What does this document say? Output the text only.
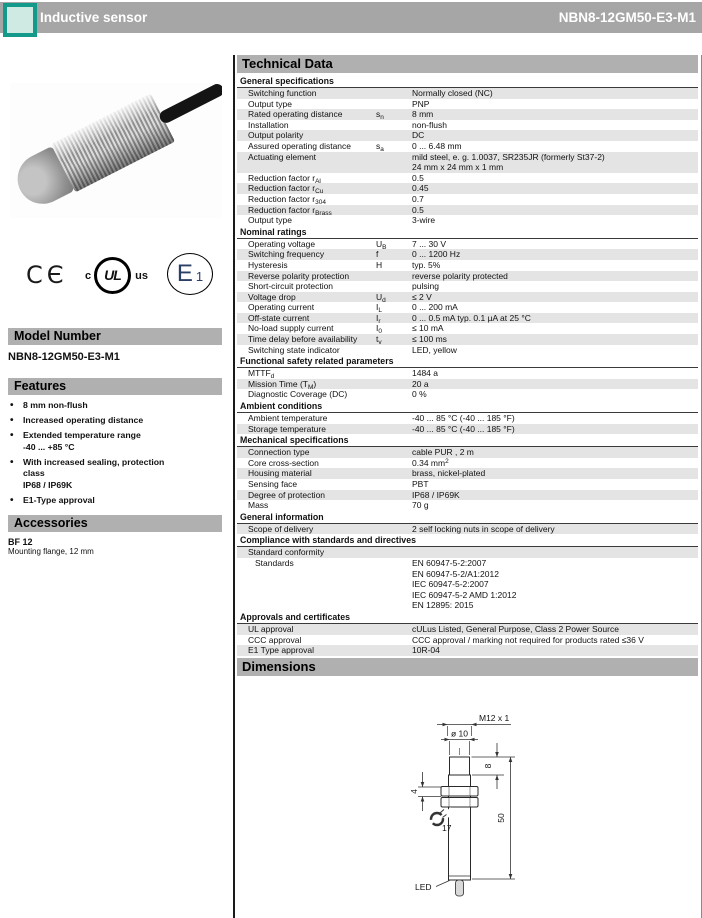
Inductive sensor	NBN8-12GM50-E3-M1
CЄ c UL	us	E 1
Model Number
NBN8-12GM50-E3-M1
Features
• 8 mm non-flush
• Increased operating distance
• Extended temperature range
-40 ... +85 °C
• With increased sealing, protection
class
IP68 / IP69K
• E1-Type approval
Accessories
BF 12
Mounting flange, 12 mm
Technical Data
General specifications
Switching function	Normally closed (NC)
Output type	PNP
Rated operating distance	$s_n$	8 mm
Installation	non-flush
Output polarity	DC
Assured operating distance	$s_a$	0 ... 6.48 mm
Actuating element	mild steel, e. g. 1.0037, SR235JR (formerly St37-2)
24 mm x 24 mm x 1 mm
Reduction factor $r_{Al}$	0.5
Reduction factor $r_{Cu}$	0.45
Reduction factor $r_{304}$	0.7
Reduction factor $r_{Brass}$	0.5
Output type	3-wire
Nominal ratings
Operating voltage	$U_B$	7 ... 30 V
Switching frequency	f	0 ... 1200 Hz
Hysteresis	H	typ. 5%
Reverse polarity protection	reverse polarity protected
Short-circuit protection	pulsing
Voltage drop	$U_d$	≤ 2 V
Operating current	$I_L$	0 ... 200 mA
Off-state current	$I_r$	0 ... 0.5 mA typ. 0.1 µA at 25 °C
No-load supply current	$I_0$	≤ 10 mA
Time delay before availability	$t_v$	≤ 100 ms
Switching state indicator	LED, yellow
Functional safety related parameters
$MTTF_d$	1484 a
Mission Time $(T_M)$	20 a
Diagnostic Coverage (DC)	0 %
Ambient conditions
Ambient temperature	-40 ... 85 °C (-40 ... 185 °F)
Storage temperature	-40 ... 85 °C (-40 ... 185 °F)
Mechanical specifications
Connection type	cable PUR , 2 m
Core cross-section	0.34 $mm^2$
Housing material	brass, nickel-plated
Sensing face	PBT
Degree of protection	IP68 / IP69K
Mass	70 g
General information
Scope of delivery	2 self locking nuts in scope of delivery
Compliance with standards and directives
Standard conformity
Standards	EN 60947-5-2:2007
EN 60947-5-2/A1:2012
IEC 60947-5-2:2007
IEC 60947-5-2 AMD 1:2012
EN 12895: 2015
Approvals and certificates
UL approval	cULus Listed, General Purpose, Class 2 Power Source
CCC approval	CCC approval / marking not required for products rated ≤36 V
E1 Type approval	10R-04
Dimensions
M12 x 1
ø 10
8
50
4
17
LED
